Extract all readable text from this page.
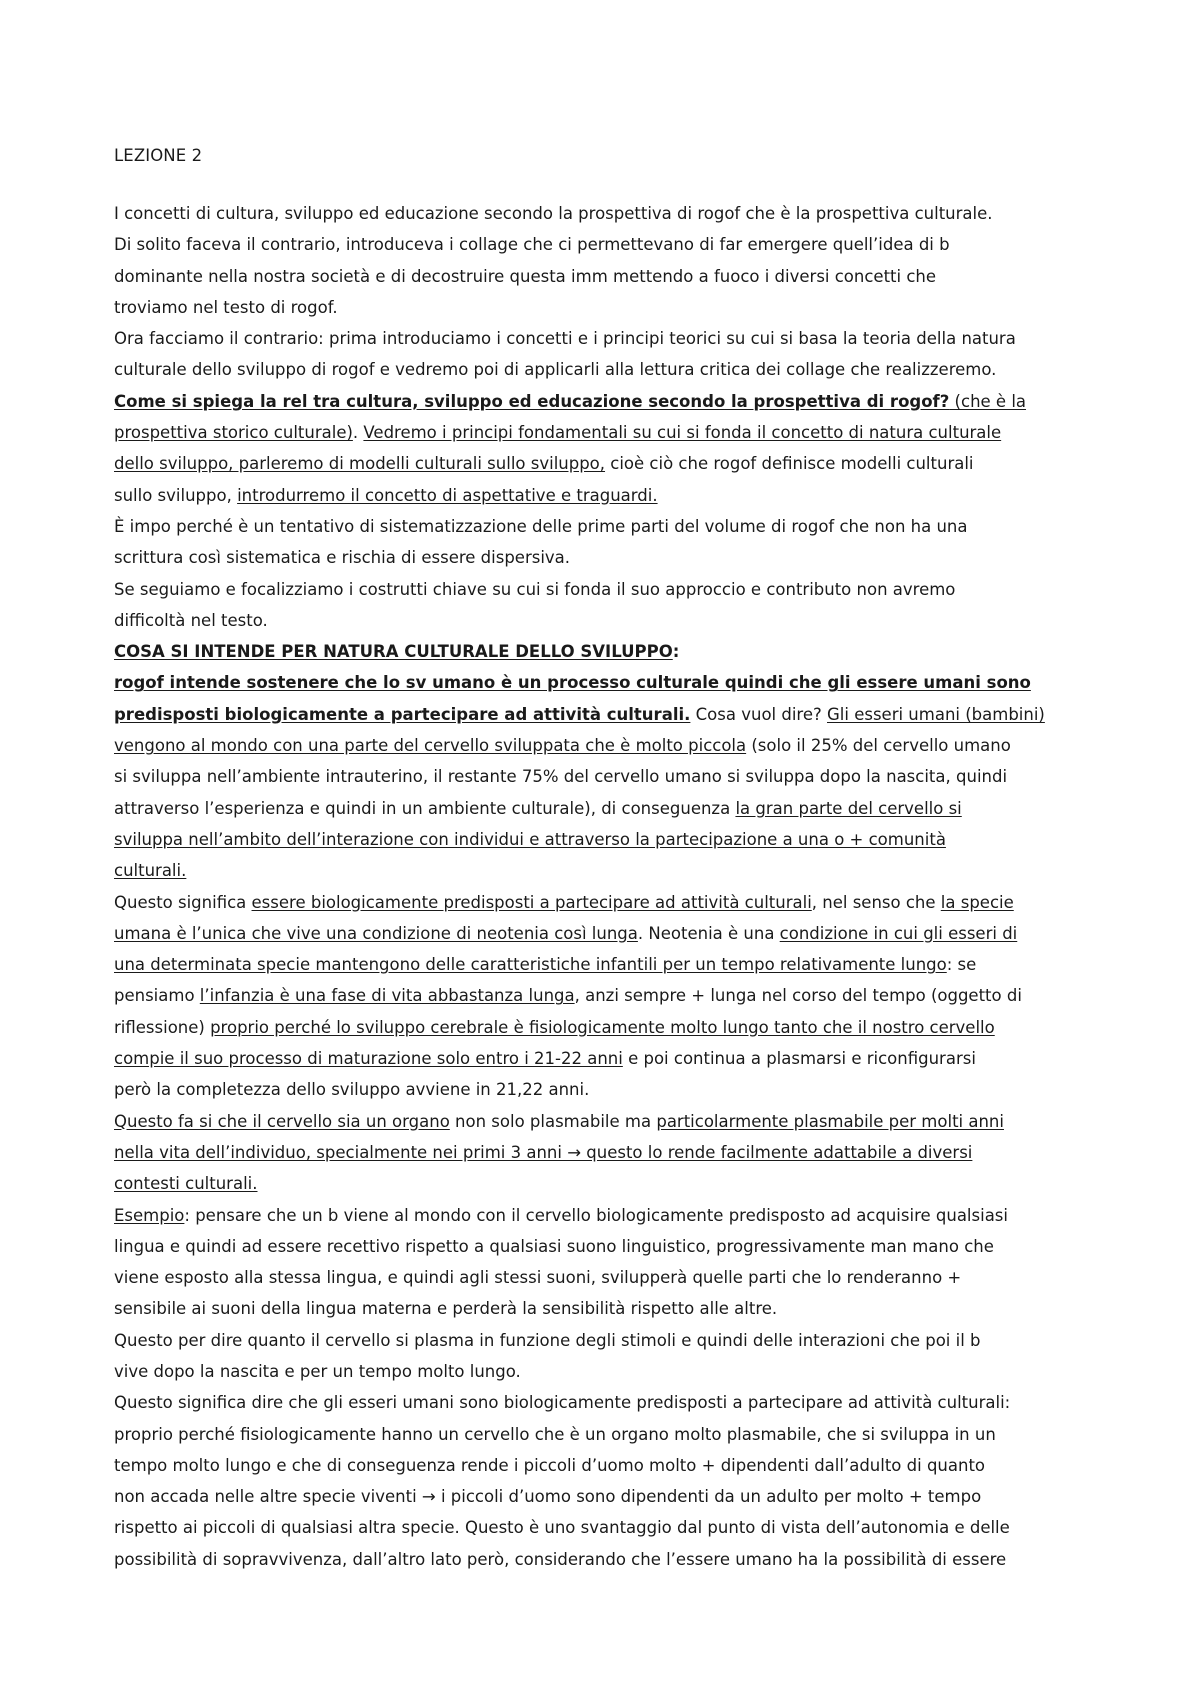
LEZIONE 2
I concetti di cultura, sviluppo ed educazione secondo la prospettiva di rogof che è la prospettiva culturale.
Di solito faceva il contrario, introduceva i collage che ci permettevano di far emergere quell’idea di b
dominante nella nostra società e di decostruire questa imm mettendo a fuoco i diversi concetti che
troviamo nel testo di rogof.
Ora facciamo il contrario: prima introduciamo i concetti e i principi teorici su cui si basa la teoria della natura
culturale dello sviluppo di rogof e vedremo poi di applicarli alla lettura critica dei collage che realizzeremo.
Come si spiega la rel tra cultura, sviluppo ed educazione secondo la prospettiva di rogof? (che è la
prospettiva storico culturale). Vedremo i principi fondamentali su cui si fonda il concetto di natura culturale
dello sviluppo, parleremo di modelli culturali sullo sviluppo, cioè ciò che rogof definisce modelli culturali
sullo sviluppo, introdurremo il concetto di aspettative e traguardi.
È impo perché è un tentativo di sistematizzazione delle prime parti del volume di rogof che non ha una
scrittura così sistematica e rischia di essere dispersiva.
Se seguiamo e focalizziamo i costrutti chiave su cui si fonda il suo approccio e contributo non avremo
difficoltà nel testo.
COSA SI INTENDE PER NATURA CULTURALE DELLO SVILUPPO:
rogof intende sostenere che lo sv umano è un processo culturale quindi che gli essere umani sono
predisposti biologicamente a partecipare ad attività culturali. Cosa vuol dire? Gli esseri umani (bambini)
vengono al mondo con una parte del cervello sviluppata che è molto piccola (solo il 25% del cervello umano
si sviluppa nell’ambiente intrauterino, il restante 75% del cervello umano si sviluppa dopo la nascita, quindi
attraverso l’esperienza e quindi in un ambiente culturale), di conseguenza la gran parte del cervello si
sviluppa nell’ambito dell’interazione con individui e attraverso la partecipazione a una o + comunità
culturali.
Questo significa essere biologicamente predisposti a partecipare ad attività culturali, nel senso che la specie
umana è l’unica che vive una condizione di neotenia così lunga. Neotenia è una condizione in cui gli esseri di
una determinata specie mantengono delle caratteristiche infantili per un tempo relativamente lungo: se
pensiamo l’infanzia è una fase di vita abbastanza lunga, anzi sempre + lunga nel corso del tempo (oggetto di
riflessione) proprio perché lo sviluppo cerebrale è fisiologicamente molto lungo tanto che il nostro cervello
compie il suo processo di maturazione solo entro i 21-22 anni e poi continua a plasmarsi e riconfigurarsi
però la completezza dello sviluppo avviene in 21,22 anni.
Questo fa si che il cervello sia un organo non solo plasmabile ma particolarmente plasmabile per molti anni
nella vita dell’individuo, specialmente nei primi 3 anni → questo lo rende facilmente adattabile a diversi
contesti culturali.
Esempio: pensare che un b viene al mondo con il cervello biologicamente predisposto ad acquisire qualsiasi
lingua e quindi ad essere recettivo rispetto a qualsiasi suono linguistico, progressivamente man mano che
viene esposto alla stessa lingua, e quindi agli stessi suoni, svilupperà quelle parti che lo renderanno +
sensibile ai suoni della lingua materna e perderà la sensibilità rispetto alle altre.
Questo per dire quanto il cervello si plasma in funzione degli stimoli e quindi delle interazioni che poi il b
vive dopo la nascita e per un tempo molto lungo.
Questo significa dire che gli esseri umani sono biologicamente predisposti a partecipare ad attività culturali:
proprio perché fisiologicamente hanno un cervello che è un organo molto plasmabile, che si sviluppa in un
tempo molto lungo e che di conseguenza rende i piccoli d’uomo molto + dipendenti dall’adulto di quanto
non accada nelle altre specie viventi → i piccoli d’uomo sono dipendenti da un adulto per molto + tempo
rispetto ai piccoli di qualsiasi altra specie. Questo è uno svantaggio dal punto di vista dell’autonomia e delle
possibilità di sopravvivenza, dall’altro lato però, considerando che l’essere umano ha la possibilità di essere
